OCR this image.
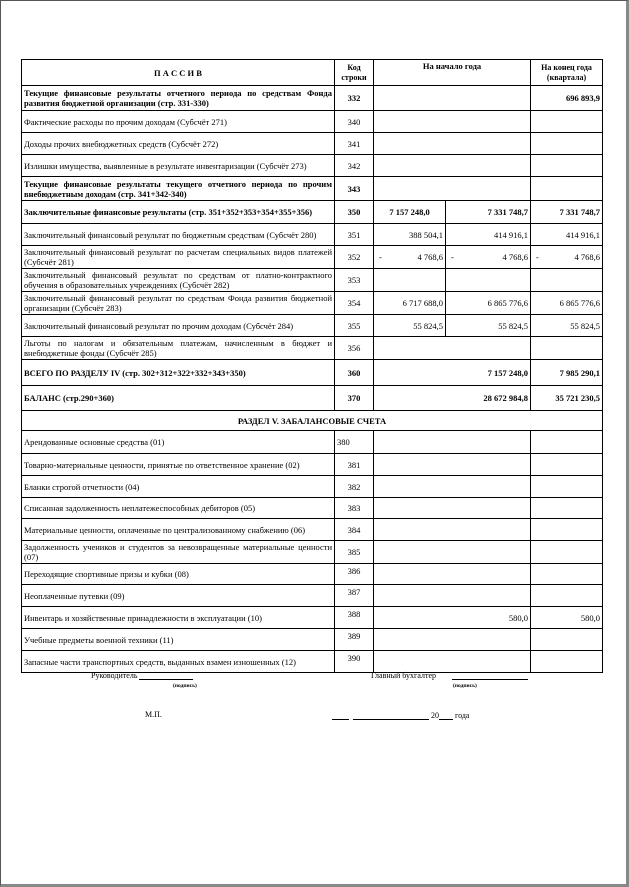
П А С С И В	Код строки	На начало года		На конец года (квартала)
Текущие финансовые результаты отчетного периода по средствам Фонда развития бюджетной организации (стр. 331-330)	332			696 893,9
Фактические расходы по прочим доходам (Субсчёт 271)	340			
Доходы прочих внебюджетных средств (Субсчёт 272)	341			
Излишки имущества, выявленные в результате инвентаризации (Субсчёт 273)	342			
Текущие финансовые результаты текущего отчетного периода по прочим внебюджетным доходам (стр. 341+342-340)	343			
Заключительные финансовые результаты (стр. 351+352+353+354+355+356)	350	7 157 248,0	7 331 748,7	7 331 748,7
Заключительный финансовый результат по бюджетным средствам (Субсчёт 280)	351	388 504,1	414 916,1	414 916,1
Заключительный финансовый результат по расчетам специальных видов платежей (Субсчёт 281)	352	- 4 768,6	- 4 768,6	- 4 768,6
Заключительный финансовый результат по средствам от платно-контрактного обучения в образовательных учреждениях (Субсчёт 282)	353			
Заключительный финансовый результат по средствам Фонда развития бюджетной организации (Субсчёт 283)	354	6 717 688,0	6 865 776,6	6 865 776,6
Заключительный финансовый результат по прочим доходам (Субсчёт 284)	355	55 824,5	55 824,5	55 824,5
Льготы по налогам и обязательным платежам, начисленным в бюджет и внебюджетные фонды (Субсчёт 285)	356			
ВСЕГО ПО РАЗДЕЛУ IV (стр. 302+312+322+332+343+350)	360	7 157 248,0		7 985 290,1
БАЛАНС (стр.290+360)	370	28 672 984,8		35 721 230,5
РАЗДЕЛ V. ЗАБАЛАНСОВЫЕ СЧЕТА				
Арендованные основные средства (01)	380			
Товарно-материальные ценности, принятые по ответственное хранение (02)	381			
Бланки строгой отчетности (04)	382			
Списанная задолженность неплатежеспособных дебиторов (05)	383			
Материальные ценности, оплаченные по централизованному снабжению (06)	384			
Задолженность учеников и студентов за невозвращенные материальные ценности (07)	385			
Переходящие спортивные призы и кубки (08)	386			
Неоплаченные путевки (09)	387			
Инвентарь и хозяйственные принадлежности в эксплуатации (10)	388	580,0		580,0
Учебные предметы военной техники (11)	389			
Запасные части транспортных средств, выданных взамен изношенных (12)	390			
Руководитель
(подпись)
Главный бухгалтер
(подпись)
М.П.	20 года
